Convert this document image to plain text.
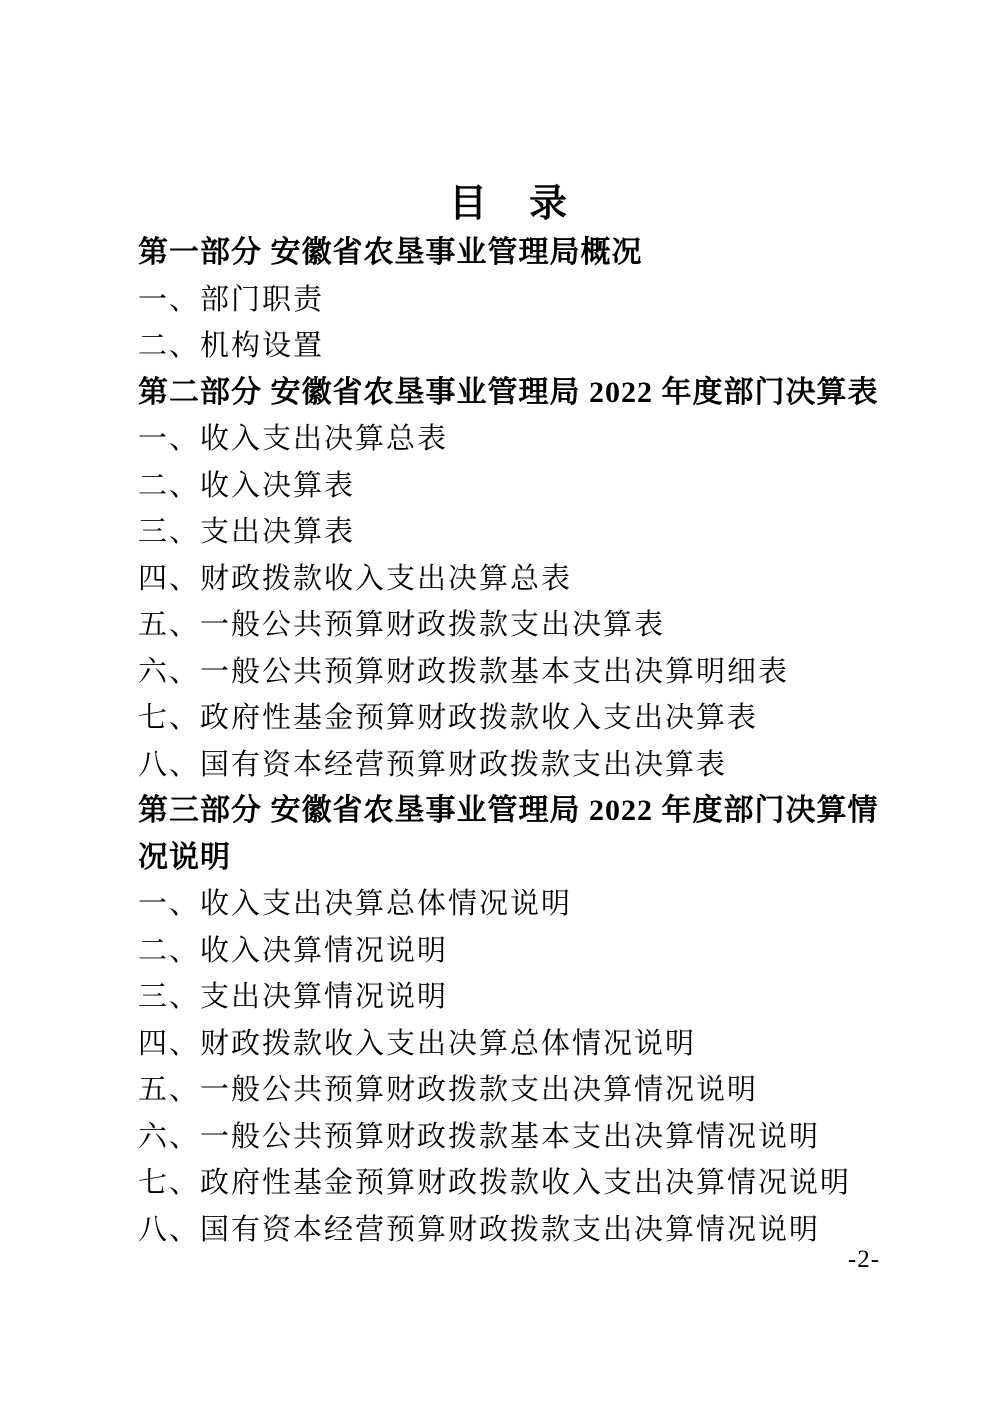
目　录
第一部分 安徽省农垦事业管理局概况
一、部门职责
二、机构设置
第二部分 安徽省农垦事业管理局 2022 年度部门决算表
一、收入支出决算总表
二、收入决算表
三、支出决算表
四、财政拨款收入支出决算总表
五、一般公共预算财政拨款支出决算表
六、一般公共预算财政拨款基本支出决算明细表
七、政府性基金预算财政拨款收入支出决算表
八、国有资本经营预算财政拨款支出决算表
第三部分 安徽省农垦事业管理局 2022 年度部门决算情况说明
一、收入支出决算总体情况说明
二、收入决算情况说明
三、支出决算情况说明
四、财政拨款收入支出决算总体情况说明
五、一般公共预算财政拨款支出决算情况说明
六、一般公共预算财政拨款基本支出决算情况说明
七、政府性基金预算财政拨款收入支出决算情况说明
八、国有资本经营预算财政拨款支出决算情况说明
-2-
